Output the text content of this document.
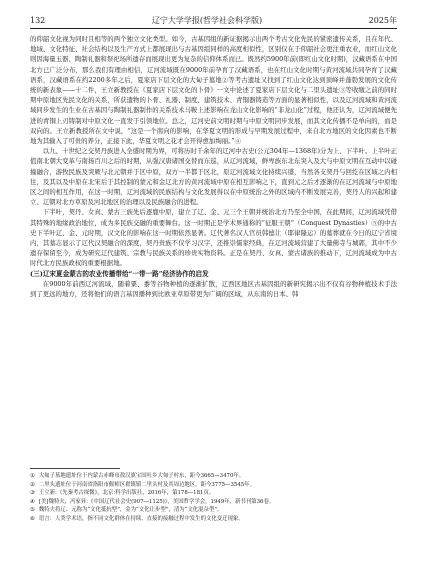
132	辽宁大学学报(哲学社会科学版)	2025年

的仰韶文化视为同时且相等的两个独立文化类型。如今，古基因组的新证据揭示出两个考古文化先民的紧密遗传关系，且在年代、地域、文化特征、社会结构以及生产方式上都展现出与古基因组同样的高度相似性，区别仅在于仰韶社会更注重农业，而红山文化则因海量玉器、陶制礼器和祭祀场所遗存而展现出更为复杂的信仰体系而已。既然约5900年前(即红山文化时期)，汉藏语系在中国北方已广泛分布，那么我们有理由相信，辽河流域既在9000年前孕育了汉藏语系，也在红山文化时期与黄河流域共同孕育了汉藏语系，汉藏语系在约2200多年之后，夏家店下层文化的大甸子墓地②等考古遗址又找到了红山文化达到顶峰并蓬勃发展的文化传统的新表象——十二件，王立新教授在《夏家店下层文化的卜骨》一文中论述了夏家店下层文化与二里头遗址③等收缴之前的同时期中原地区先民文化的关系，所获遗物的卜骨、礼器、制度、建筑技术、青铜器铸造等方面的显著相似性，以及辽河流域和黄河流域同步发生的生业在古基因与陶制礼器制作的关系技术马鞍上述影响在龙山文化影响的“非龙山化”过程，他还认为，辽河流域便先进的青铜上刃铸制对中原文化一直发于引领地位。总之，辽河史前文明时期与中原文明同步发展，而其文化传播不是单向的，而是双向的。王立新教授所在文中说，“这是一个南向的影响，在华夏文明的形成与早期发展过程中，来自北方地区的文化因素也不断地为其输入了可贵的养分，正接下此，华夏文明之花才会开得愈加绚丽。”④

以九、十世纪之交契丹族进入全盛时期为界，可将历时千余年的辽河中古史(公元304年—1368年)分为上、下半叶。上半叶正值南北朝大变革与南扬百川之后的时期，从强汉唐诸国交替而东巡，从辽河流域，鲜卑族东北东突入及大与中原文明在互动中以碰撞融合，游牧民族及突厥与北元朝并于区中原，双方一半都于区北，原辽河流域文化持续兴盛，当然各支契丹与回纥在区域之内相往，及其以及中原在北宋后于其控制的蒙元和金辽北方的黄河流域中原在相互影响之下，直到元之后才逐渐的在辽河流域与中原地区之间的相互作用，在这一时期，辽河流域的民族结构与文化发展得以在中原统治之外的区域内不断发展完善，契丹人的兴起和建立、辽朝对北方草原及河北地区的治理以及民族融合的进程。

下半叶，契丹、女真、蒙古三族先后逐鹿中原，建立了辽、金、元三个王朝并统治北方乃至全中国，在此期间，辽河流域凭借其特殊的地缘政治地位，成为多民族交融的重要舞台。这一时期正是学术界通称的“征服王朝”（Conquest Dynasties）⑤的中古史下半叶辽、金、元时期，汉文化的影响在这一时期依然显著。辽代著名汉人官员韩德让（耶律隆运）的墓葬就在今日的辽宁省境内，其墓志显示了辽代汉契融合的深度，契丹贵族不仅学习汉字，还推崇儒家经典，在辽河流域营建了大量佛寺与城郭，其中不少遗存保留至今，成为研究辽代建筑、宗教与民族关系的珍贵实物资料。正是在契丹、女真、蒙古诸族的推动下，辽河流域成为中古时代北方民族政权的重要根据地。

(三)辽宋夏金蒙古的农业传播带给“一带一路”经济协作的启发

在9000年前西辽河流域，随着粟、黍等谷物种植的逐渐扩散，辽西区地区古基因组的新研究揭示出不仅有谷物种植技术手法到了更远的地方，还将他们的语言基因播种到比欧亚草原带更为广阔的区域，从东南的日本、韩

① 大甸子墓地遗址位于内蒙古赤峰市敖汉旗宝国吐乡大甸子村东，距今3665—3470年。
② 二里头遗址位于河南省洛阳市偃师区翟镇镇二里头村及其周边地区，距今3775—3545年。
③ 王立新:《先秦考古探微》，北京:科学出版社，2016年，第178—181页。
④ [美]魏特夫，冯家昇:《中国辽代社会史(907—1125)》，美国哲学学会，1949年，新书刊第36卷。
⑤ 魏特夫将辽、元称为“文化抵抗型”，金为“文化让步型”，清为“文化混杂型”。
⑥ 语言：人类学术语，指不同文化群体在持续、直接的接触过程中发生的文化变迁现象。
